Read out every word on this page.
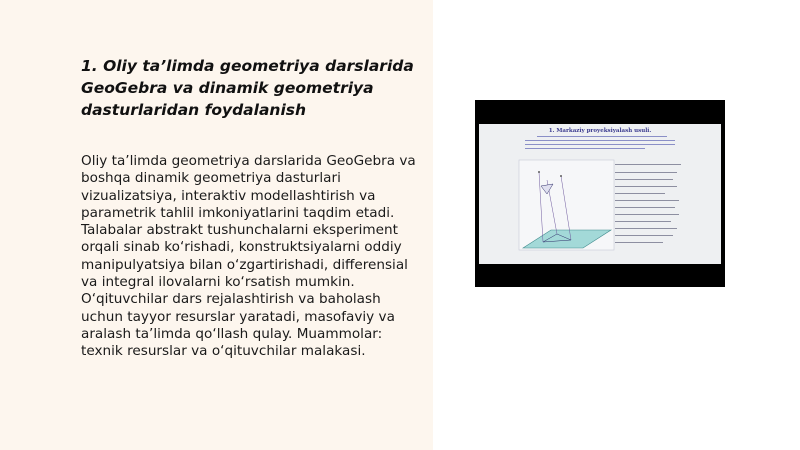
1. Oliy ta’limda geometriya darslarida GeoGebra va dinamik geometriya dasturlaridan foydalanish
Oliy ta’limda geometriya darslarida GeoGebra va boshqa dinamik geometriya dasturlari vizualizatsiya, interaktiv modellashtirish va parametrik tahlil imkoniyatlarini taqdim etadi. Talabalar abstrakt tushunchalarni eksperiment orqali sinab ko‘rishadi, konstruktsiyalarni oddiy manipulyatsiya bilan o‘zgartirishadi, differensial va integral ilovalarni ko‘rsatish mumkin. O‘qituvchilar dars rejalashtirish va baholash uchun tayyor resurslar yaratadi, masofaviy va aralash ta’limda qo‘llash qulay. Muammolar: texnik resurslar va o‘qituvchilar malakasi.
1. Markaziy proyeksiyalash usuli.
